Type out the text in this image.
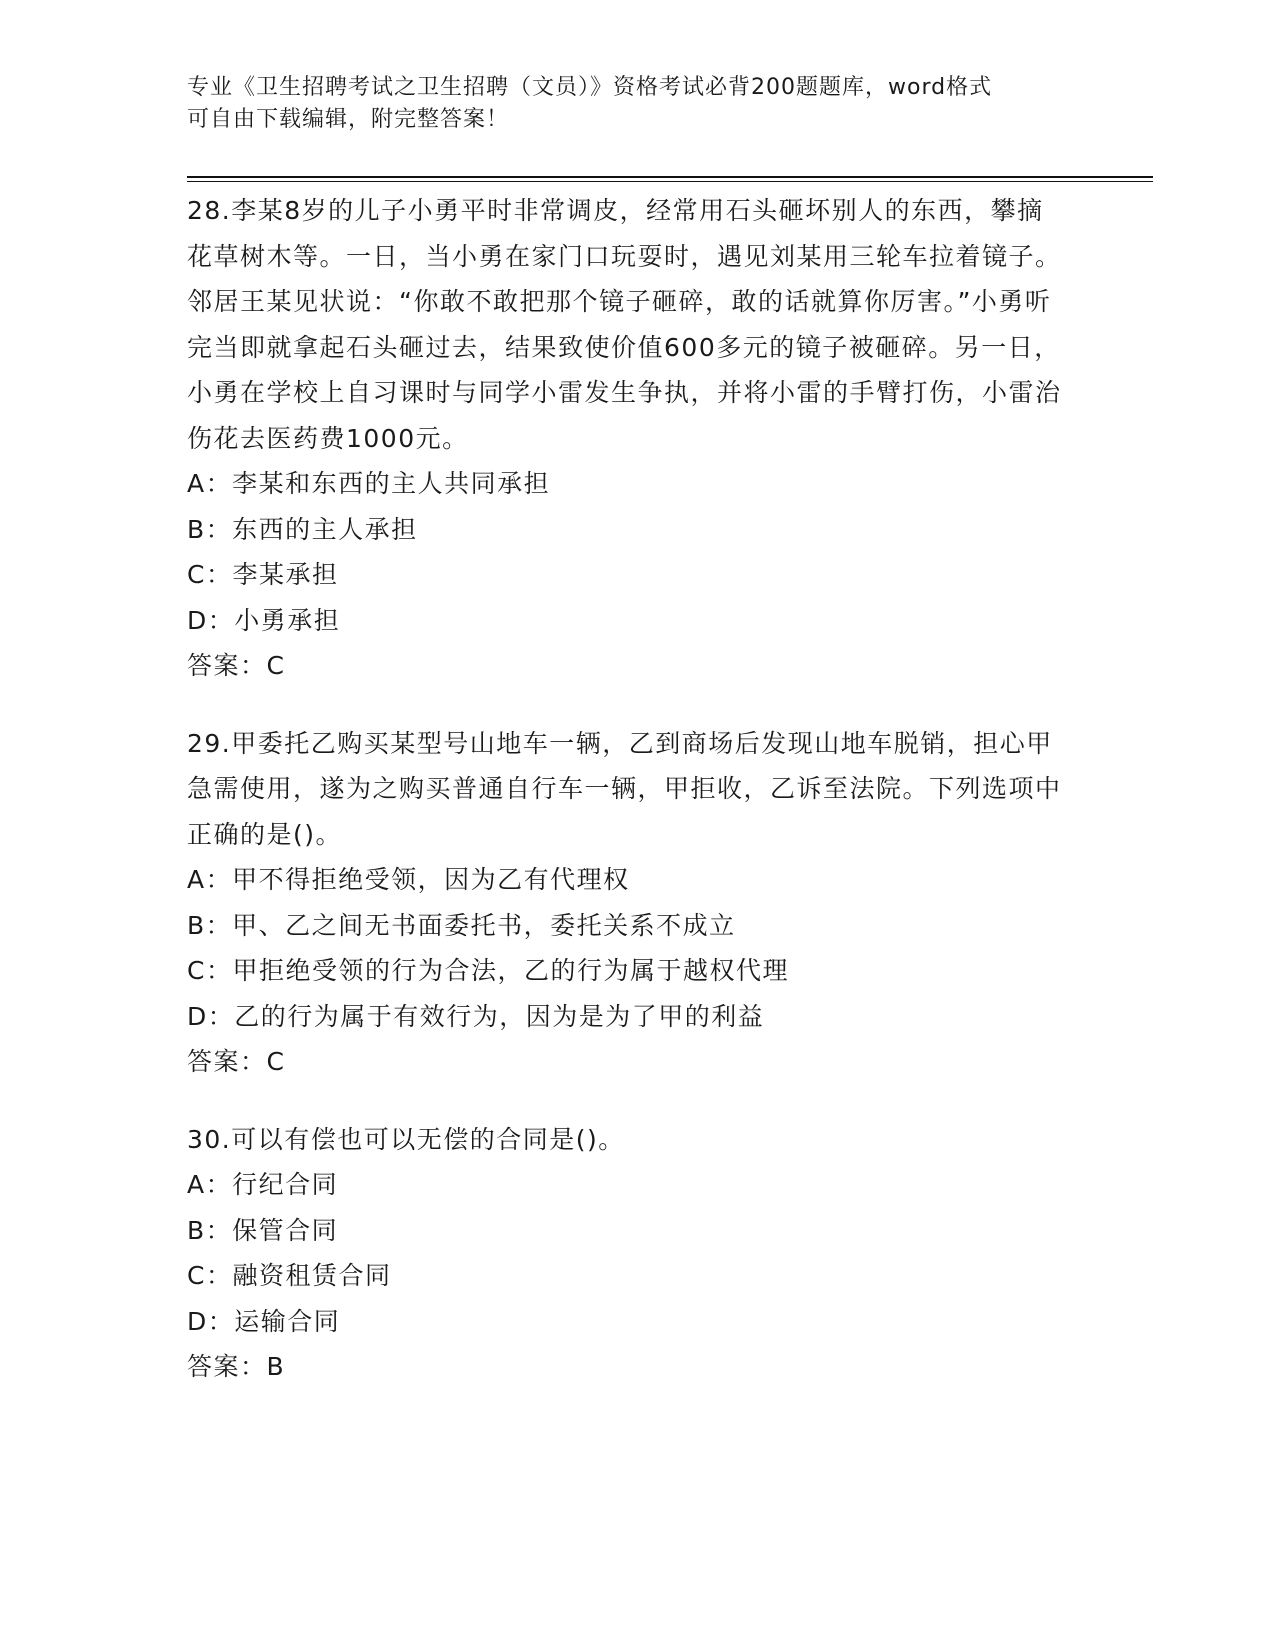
专业《卫生招聘考试之卫生招聘（文员）》资格考试必背200题题库，word格式
可自由下载编辑，附完整答案！

28.李某8岁的儿子小勇平时非常调皮，经常用石头砸坏别人的东西，攀摘花草树木等。一日，当小勇在家门口玩耍时，遇见刘某用三轮车拉着镜子。邻居王某见状说：“你敢不敢把那个镜子砸碎，敢的话就算你厉害。”小勇听完当即就拿起石头砸过去，结果致使价值600多元的镜子被砸碎。另一日，小勇在学校上自习课时与同学小雷发生争执，并将小雷的手臂打伤，小雷治伤花去医药费1000元。

A：李某和东西的主人共同承担

B：东西的主人承担

C：李某承担

D：小勇承担

答案：C

29.甲委托乙购买某型号山地车一辆，乙到商场后发现山地车脱销，担心甲急需使用，遂为之购买普通自行车一辆，甲拒收，乙诉至法院。下列选项中正确的是()。

A：甲不得拒绝受领，因为乙有代理权

B：甲、乙之间无书面委托书，委托关系不成立

C：甲拒绝受领的行为合法，乙的行为属于越权代理

D：乙的行为属于有效行为，因为是为了甲的利益

答案：C

30.可以有偿也可以无偿的合同是()。

A：行纪合同

B：保管合同

C：融资租赁合同

D：运输合同

答案：B
